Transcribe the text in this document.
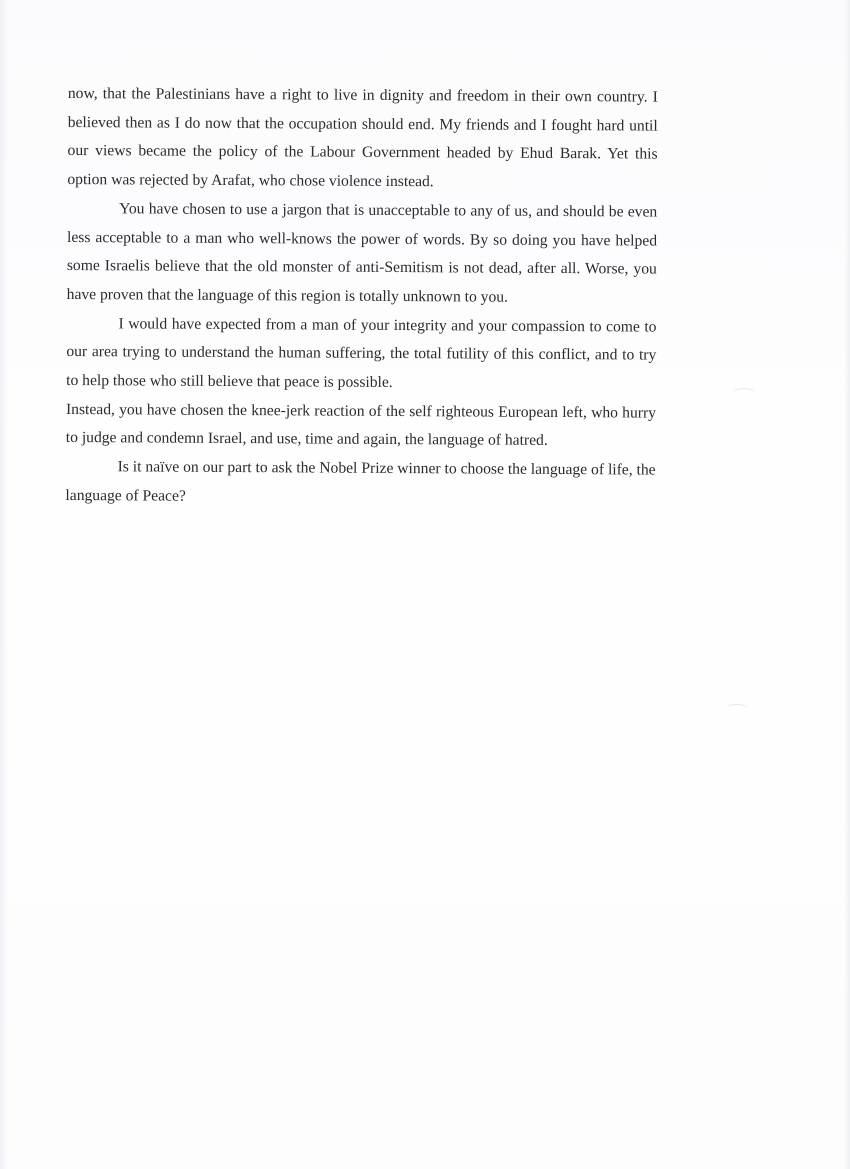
now, that the Palestinians have a right to live in dignity and freedom in their own country. I believed then as I do now that the occupation should end. My friends and I fought hard until our views became the policy of the Labour Government headed by Ehud Barak. Yet this option was rejected by Arafat, who chose violence instead.

You have chosen to use a jargon that is unacceptable to any of us, and should be even less acceptable to a man who well-knows the power of words. By so doing you have helped some Israelis believe that the old monster of anti-Semitism is not dead, after all. Worse, you have proven that the language of this region is totally unknown to you.

I would have expected from a man of your integrity and your compassion to come to our area trying to understand the human suffering, the total futility of this conflict, and to try to help those who still believe that peace is possible.

Instead, you have chosen the knee-jerk reaction of the self righteous European left, who hurry to judge and condemn Israel, and use, time and again, the language of hatred.

Is it naïve on our part to ask the Nobel Prize winner to choose the language of life, the language of Peace?
